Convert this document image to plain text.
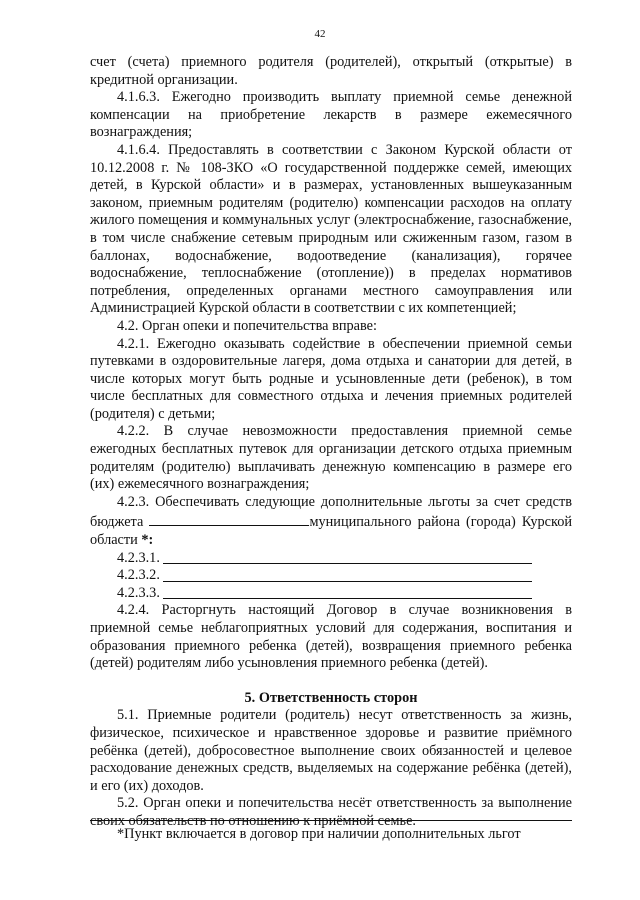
42

счет (счета) приемного родителя (родителей), открытый (открытые) в кредитной организации.

4.1.6.3. Ежегодно производить выплату приемной семье денежной компенсации на приобретение лекарств в размере ежемесячного вознаграждения;

4.1.6.4. Предоставлять в соответствии с Законом Курской области от 10.12.2008 г. № 108-ЗКО «О государственной поддержке семей, имеющих детей, в Курской области» и в размерах, установленных вышеуказанным законом, приемным родителям (родителю) компенсации расходов на оплату жилого помещения и коммунальных услуг (электроснабжение, газоснабжение, в том числе снабжение сетевым природным или сжиженным газом, газом в баллонах, водоснабжение, водоотведение (канализация), горячее водоснабжение, теплоснабжение (отопление)) в пределах нормативов потребления, определенных органами местного самоуправления или Администрацией Курской области в соответствии с их компетенцией;

4.2. Орган опеки и попечительства вправе:

4.2.1. Ежегодно оказывать содействие в обеспечении приемной семьи путевками в оздоровительные лагеря, дома отдыха и санатории для детей, в числе которых могут быть родные и усыновленные дети (ребенок), в том числе бесплатных для совместного отдыха и лечения приемных родителей (родителя) с детьми;

4.2.2. В случае невозможности предоставления приемной семье ежегодных бесплатных путевок для организации детского отдыха приемным родителям (родителю) выплачивать денежную компенсацию в размере его (их) ежемесячного вознаграждения;

4.2.3. Обеспечивать следующие дополнительные льготы за счет средств бюджета	муниципального района (города) Курской области *:

4.2.3.1.
4.2.3.2.
4.2.3.3.

4.2.4. Расторгнуть настоящий Договор в случае возникновения в приемной семье неблагоприятных условий для содержания, воспитания и образования приемного ребенка (детей), возвращения приемного ребенка (детей) родителям либо усыновления приемного ребенка (детей).

5. Ответственность сторон

5.1. Приемные родители (родитель) несут ответственность за жизнь, физическое, психическое и нравственное здоровье и развитие приёмного ребёнка (детей), добросовестное выполнение своих обязанностей и целевое расходование денежных средств, выделяемых на содержание ребёнка (детей), и его (их) доходов.

5.2. Орган опеки и попечительства несёт ответственность за выполнение своих обязательств по отношению к приёмной семье.

*Пункт включается в договор при наличии дополнительных льгот
